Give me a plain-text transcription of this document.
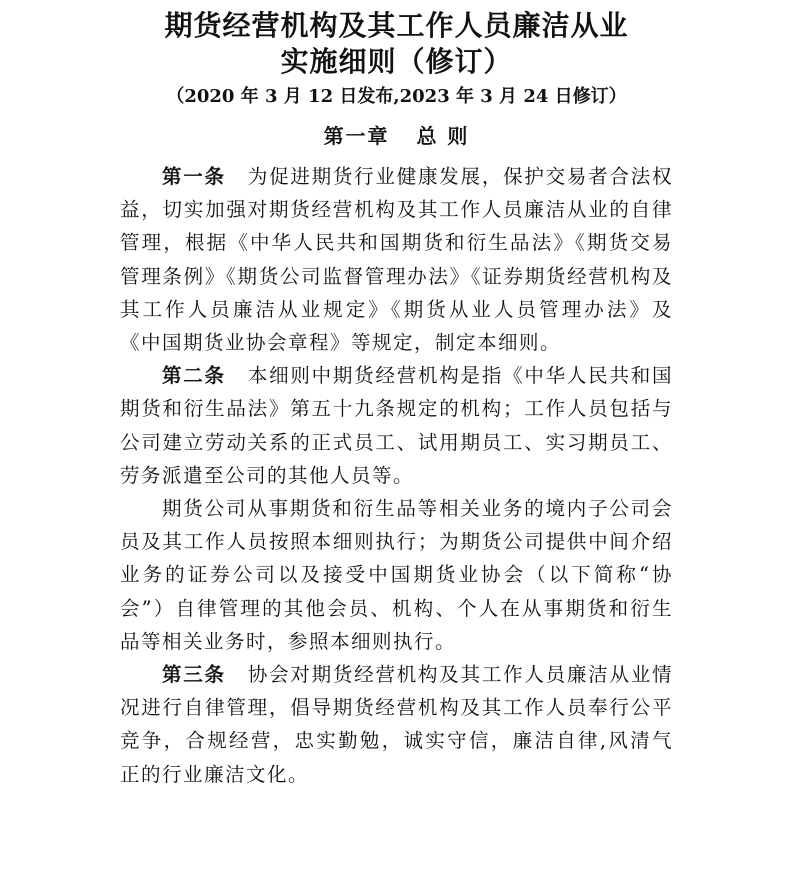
期货经营机构及其工作人员廉洁从业
实施细则（修订）
（2020 年 3 月 12 日发布,2023 年 3 月 24 日修订）
第一章   总 则

第一条 为促进期货行业健康发展，保护交易者合法权益，切实加强对期货经营机构及其工作人员廉洁从业的自律管理，根据《中华人民共和国期货和衍生品法》《期货交易管理条例》《期货公司监督管理办法》《证券期货经营机构及其工作人员廉洁从业规定》《期货从业人员管理办法》及《中国期货业协会章程》等规定，制定本细则。

第二条 本细则中期货经营机构是指《中华人民共和国期货和衍生品法》第五十九条规定的机构；工作人员包括与公司建立劳动关系的正式员工、试用期员工、实习期员工、劳务派遣至公司的其他人员等。

期货公司从事期货和衍生品等相关业务的境内子公司会员及其工作人员按照本细则执行；为期货公司提供中间介绍业务的证券公司以及接受中国期货业协会（以下简称“协会”）自律管理的其他会员、机构、个人在从事期货和衍生品等相关业务时，参照本细则执行。

第三条 协会对期货经营机构及其工作人员廉洁从业情况进行自律管理，倡导期货经营机构及其工作人员奉行公平竞争，合规经营，忠实勤勉，诚实守信，廉洁自律,风清气正的行业廉洁文化。
